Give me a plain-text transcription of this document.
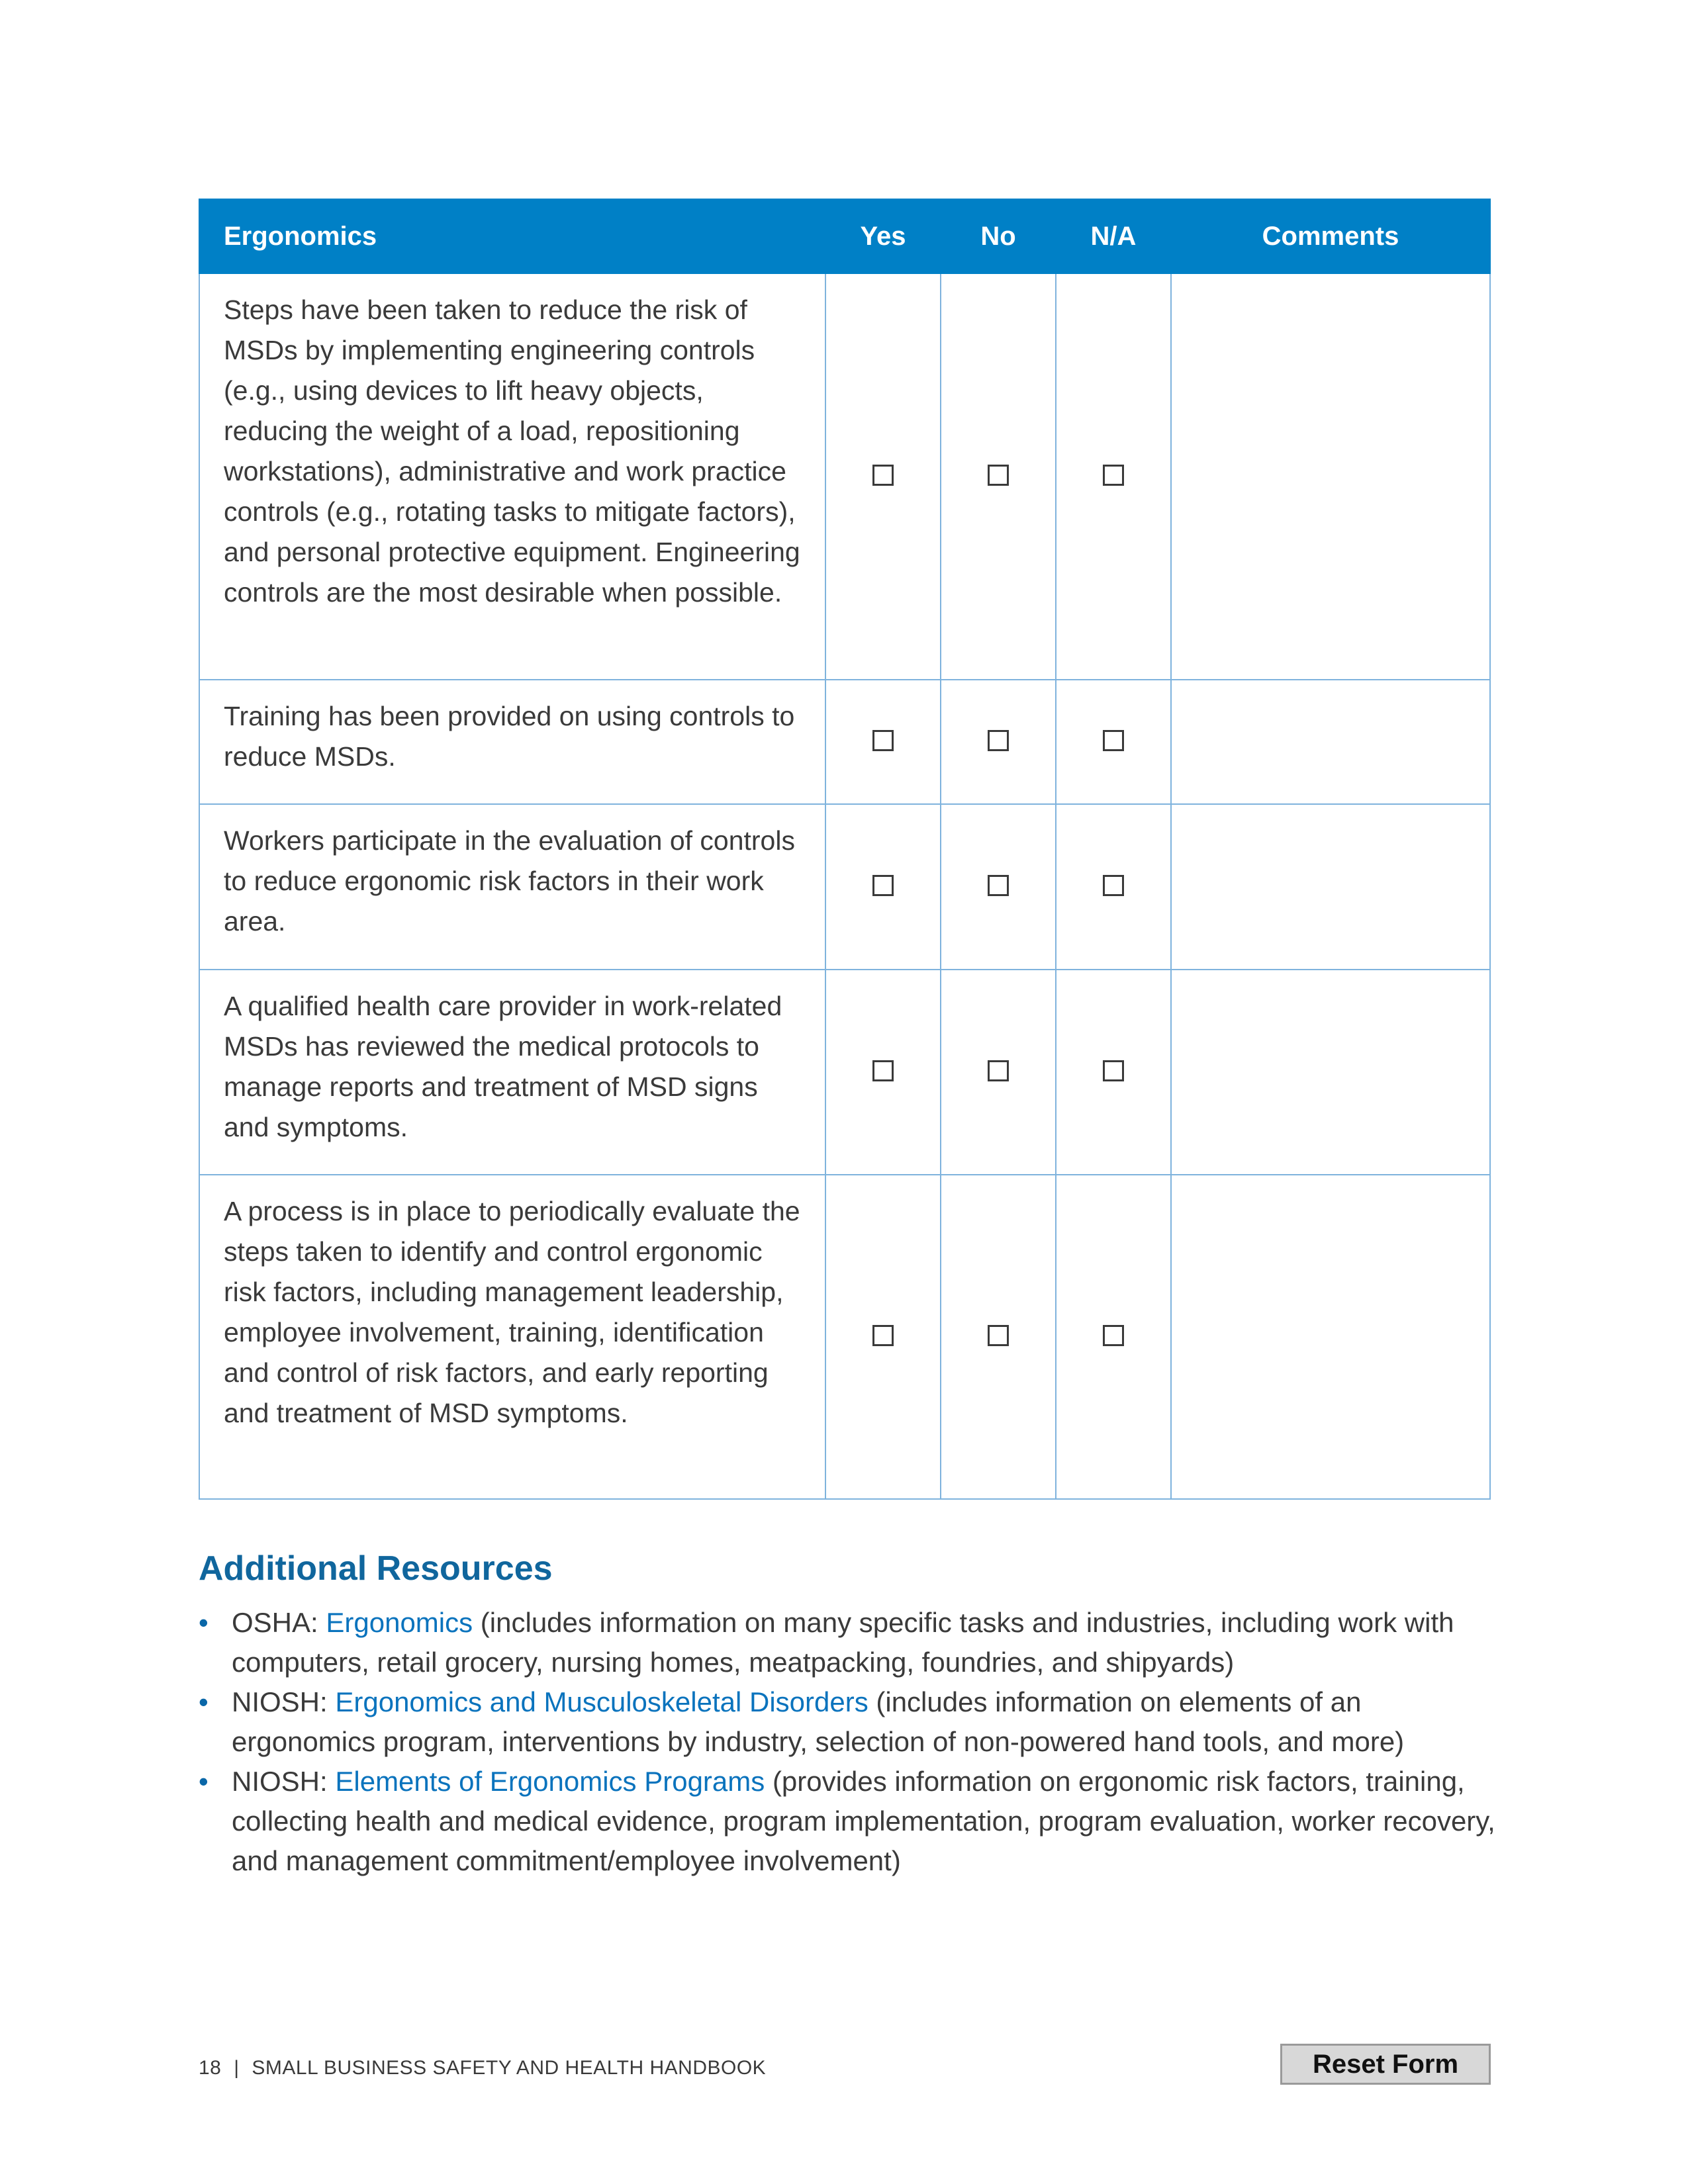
Ergonomics	Yes	No	N/A	Comments
Steps have been taken to reduce the risk of MSDs by implementing engineering controls (e.g., using devices to lift heavy objects, reducing the weight of a load, repositioning workstations), administrative and work practice controls (e.g., rotating tasks to mitigate factors), and personal protective equipment. Engineering controls are the most desirable when possible.				
Training has been provided on using controls to reduce MSDs.				
Workers participate in the evaluation of controls to reduce ergonomic risk factors in their work area.				
A qualified health care provider in work-related MSDs has reviewed the medical protocols to manage reports and treatment of MSD signs and symptoms.				
A process is in place to periodically evaluate the steps taken to identify and control ergonomic risk factors, including management leadership, employee involvement, training, identification and control of risk factors, and early reporting and treatment of MSD symptoms.				
Additional Resources
• OSHA: Ergonomics (includes information on many specific tasks and industries, including work with computers, retail grocery, nursing homes, meatpacking, foundries, and shipyards)
• NIOSH: Ergonomics and Musculoskeletal Disorders (includes information on elements of an ergonomics program, interventions by industry, selection of non-powered hand tools, and more)
• NIOSH: Elements of Ergonomics Programs (provides information on ergonomic risk factors, training, collecting health and medical evidence, program implementation, program evaluation, worker recovery, and management commitment/employee involvement)
18 | SMALL BUSINESS SAFETY AND HEALTH HANDBOOK	Reset Form
